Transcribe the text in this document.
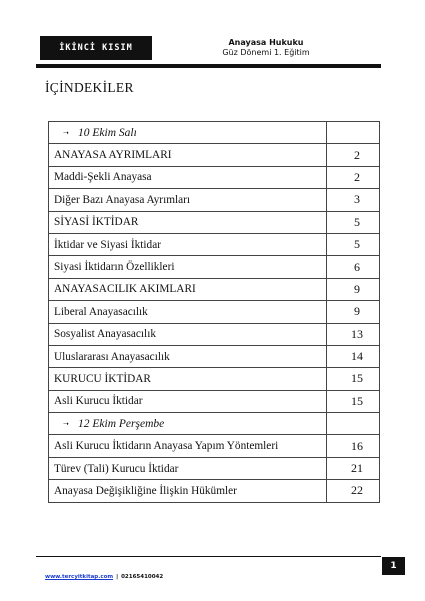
İKİNCİ KISIM
Anayasa Hukuku
Güz Dönemi 1. Eğitim
İÇİNDEKİLER
➝ 10 Ekim Salı	
ANAYASA AYRIMLARI	2
Maddi-Şekli Anayasa	2
Diğer Bazı Anayasa Ayrımları	3
SİYASİ İKTİDAR	5
İktidar ve Siyasi İktidar	5
Siyasi İktidarın Özellikleri	6
ANAYASACILIK AKIMLARI	9
Liberal Anayasacılık	9
Sosyalist Anayasacılık	13
Uluslararası Anayasacılık	14
KURUCU İKTİDAR	15
Asli Kurucu İktidar	15
➝ 12 Ekim Perşembe	
Asli Kurucu İktidarın Anayasa Yapım Yöntemleri	16
Türev (Tali) Kurucu İktidar	21
Anayasa Değişikliğine İlişkin Hükümler	22
1
www.tercyitkitap.com | 02165410042
